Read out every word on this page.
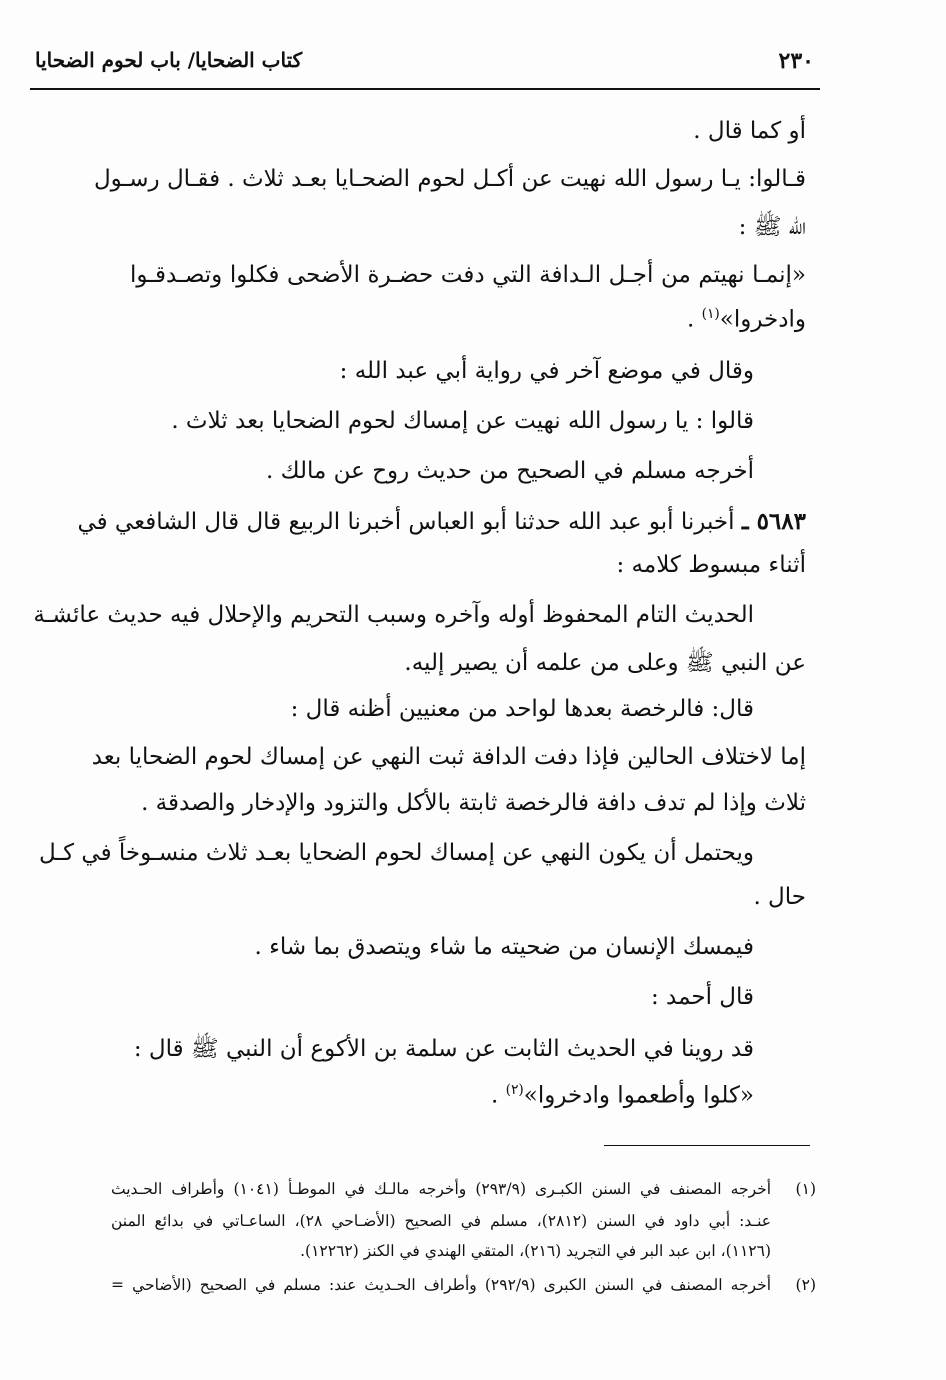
٢٣٠
كتاب الضحايا/ باب لحوم الضحايا
أو كما قال .
قـالوا: يـا رسول الله نهيت عن أكـل لحوم الضحـايا بعـد ثلاث . فقـال رسـول
الله ﷺ :
«إنمـا نهيتم من أجـل الـدافة التي دفت حضـرة الأضحى فكلوا وتصـدقـوا
وادخروا»$^{(١)}$ .
وقال في موضع آخر في رواية أبي عبد الله :
قالوا : يا رسول الله نهيت عن إمساك لحوم الضحايا بعد ثلاث .
أخرجه مسلم في الصحيح من حديث روح عن مالك .
٥٦٨٣ ـ أخبرنا أبو عبد الله حدثنا أبو العباس أخبرنا الربيع قال قال الشافعي في
أثناء مبسوط كلامه :
الحديث التام المحفوظ أوله وآخره وسبب التحريم والإحلال فيه حديث عائشـة
عن النبي ﷺ وعلى من علمه أن يصير إليه.
قال: فالرخصة بعدها لواحد من معنيين أظنه قال :
إما لاختلاف الحالين فإذا دفت الدافة ثبت النهي عن إمساك لحوم الضحايا بعد
ثلاث وإذا لم تدف دافة فالرخصة ثابتة بالأكل والتزود والإدخار والصدقة .
ويحتمل أن يكون النهي عن إمساك لحوم الضحايا بعـد ثلاث منسـوخاً في كـل
حال .
فيمسك الإنسان من ضحيته ما شاء ويتصدق بما شاء .
قال أحمد :
قد روينا في الحديث الثابت عن سلمة بن الأكوع أن النبي ﷺ قال :
«كلوا وأطعموا وادخروا»$^{(٢)}$ .
(١)
أخرجه المصنف في السنن الكبـرى (٢٩٣/٩) وأخرجه مالـك في الموطـأ (١٠٤١) وأطراف الحـديث
عنـد: أبي داود في السنن (٢٨١٢)، مسلم في الصحيح (الأضـاحي ٢٨)، الساعـاتي في بدائع المنن
(١١٢٦)، ابن عبد البر في التجريد (٢١٦)، المتقي الهندي في الكنز (١٢٢٦٢).
(٢)
أخرجه المصنف في السنن الكبرى (٢٩٢/٩) وأطراف الحـديث عند: مسلم في الصحيح (الأضاحي =
